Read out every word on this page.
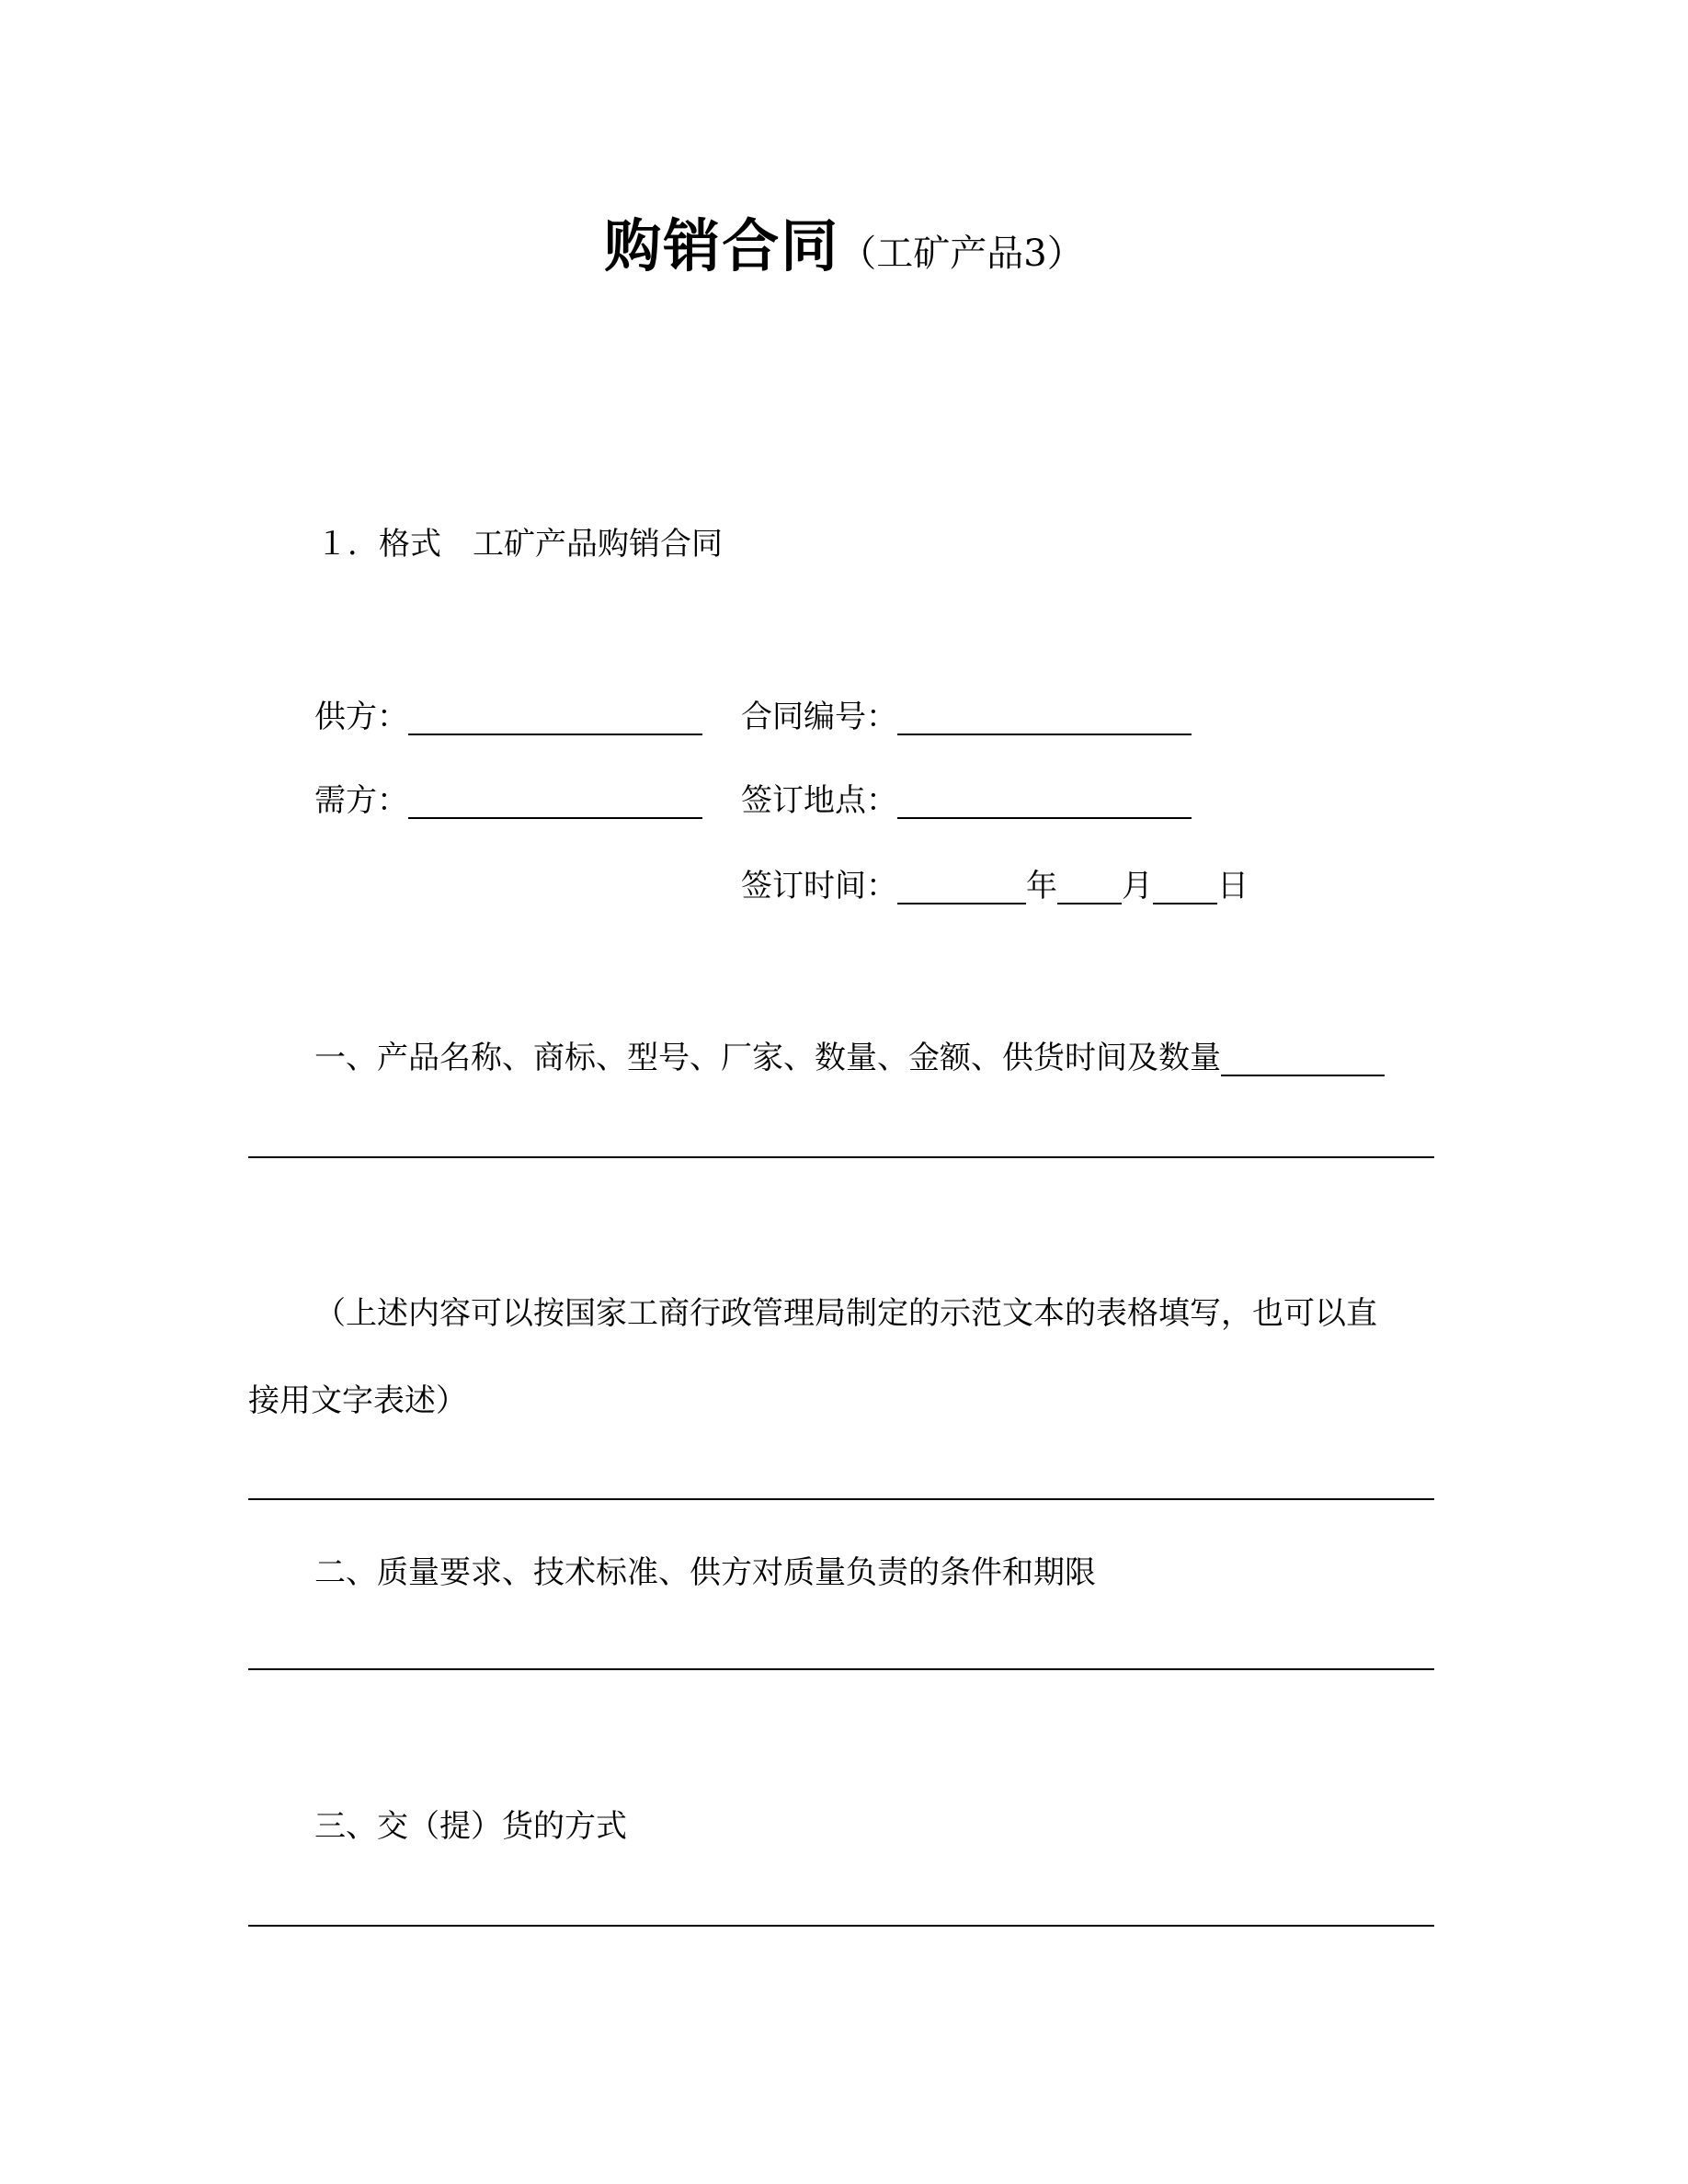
购销合同（工矿产品3）
１．格式　工矿产品购销合同
供方：	合同编号：
需方：	签订地点：
签订时间：	年 月 日
一、产品名称、商标、型号、厂家、数量、金额、供货时间及数量
（上述内容可以按国家工商行政管理局制定的示范文本的表格填写，也可以直
接用文字表述）
二、质量要求、技术标准、供方对质量负责的条件和期限
三、交（提）货的方式
